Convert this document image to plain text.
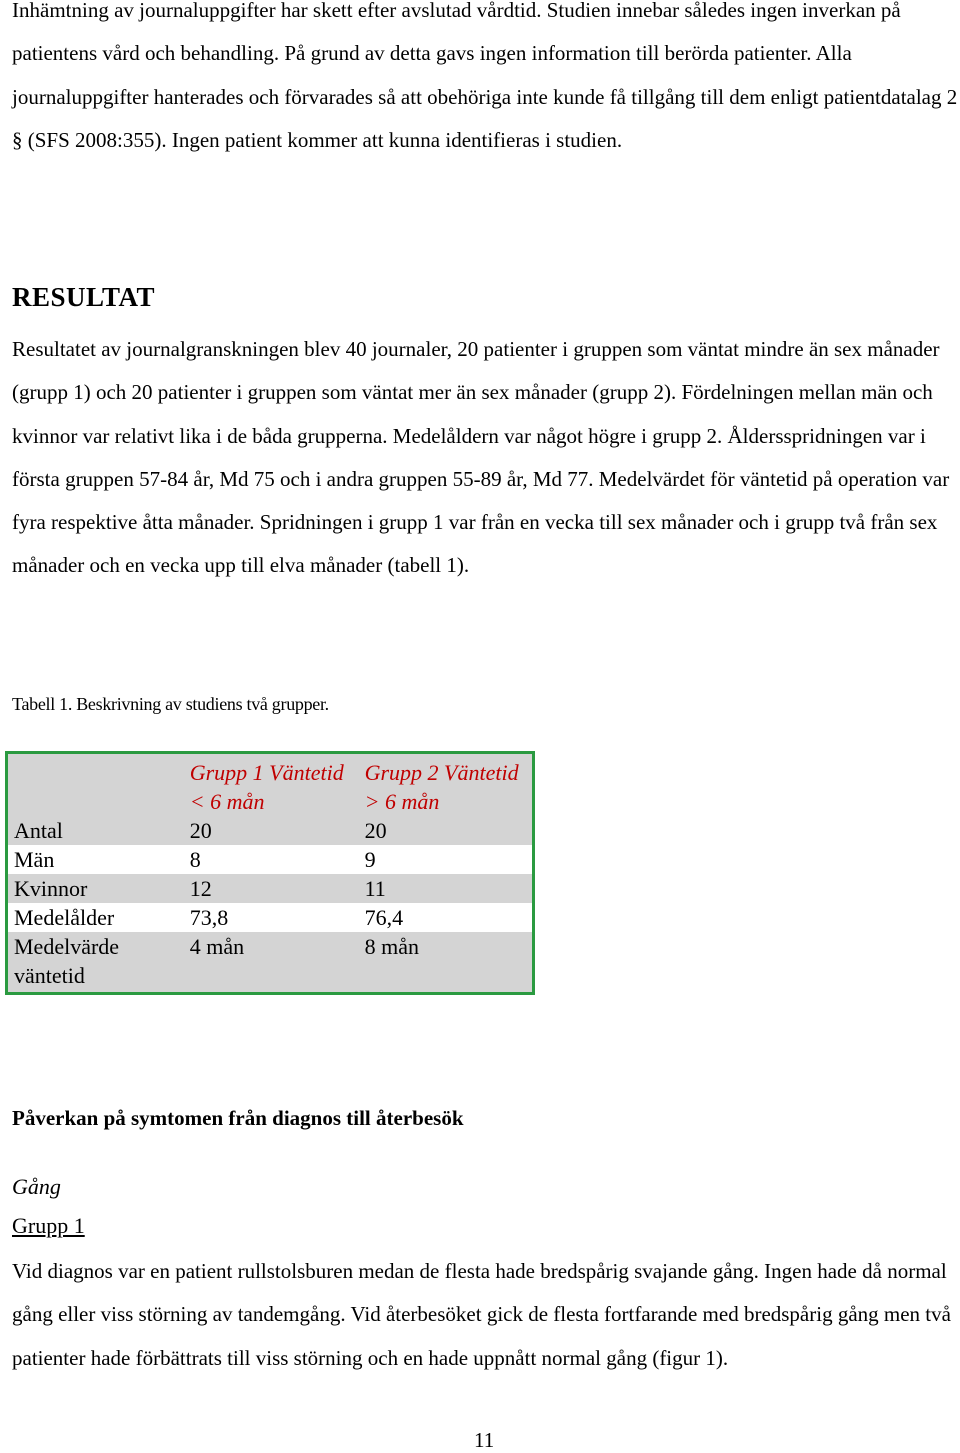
Inhämtning av journaluppgifter har skett efter avslutad vårdtid. Studien innebar således ingen inverkan på patientens vård och behandling. På grund av detta gavs ingen information till berörda patienter. Alla journaluppgifter hanterades och förvarades så att obehöriga inte kunde få tillgång till dem enligt patientdatalag 2 § (SFS 2008:355). Ingen patient kommer att kunna identifieras i studien.

RESULTAT

Resultatet av journalgranskningen blev 40 journaler, 20 patienter i gruppen som väntat mindre än sex månader (grupp 1) och 20 patienter i gruppen som väntat mer än sex månader (grupp 2). Fördelningen mellan män och kvinnor var relativt lika i de båda grupperna. Medelåldern var något högre i grupp 2. Åldersspridningen var i första gruppen 57-84 år, Md 75 och i andra gruppen 55-89 år, Md 77. Medelvärdet för väntetid på operation var fyra respektive åtta månader. Spridningen i grupp 1 var från en vecka till sex månader och i grupp två från sex månader och en vecka upp till elva månader (tabell 1).

Tabell 1. Beskrivning av studiens två grupper.

	Grupp 1 Väntetid < 6 mån	Grupp 2 Väntetid > 6 mån
Antal	20	20
Män	8	9
Kvinnor	12	11
Medelålder	73,8	76,4
Medelvärde väntetid	4 mån	8 mån
Påverkan på symtomen från diagnos till återbesök

Gång

Grupp 1

Vid diagnos var en patient rullstolsburen medan de flesta hade bredspårig svajande gång. Ingen hade då normal gång eller viss störning av tandemgång. Vid återbesöket gick de flesta fortfarande med bredspårig gång men två patienter hade förbättrats till viss störning och en hade uppnått normal gång (figur 1).

11
